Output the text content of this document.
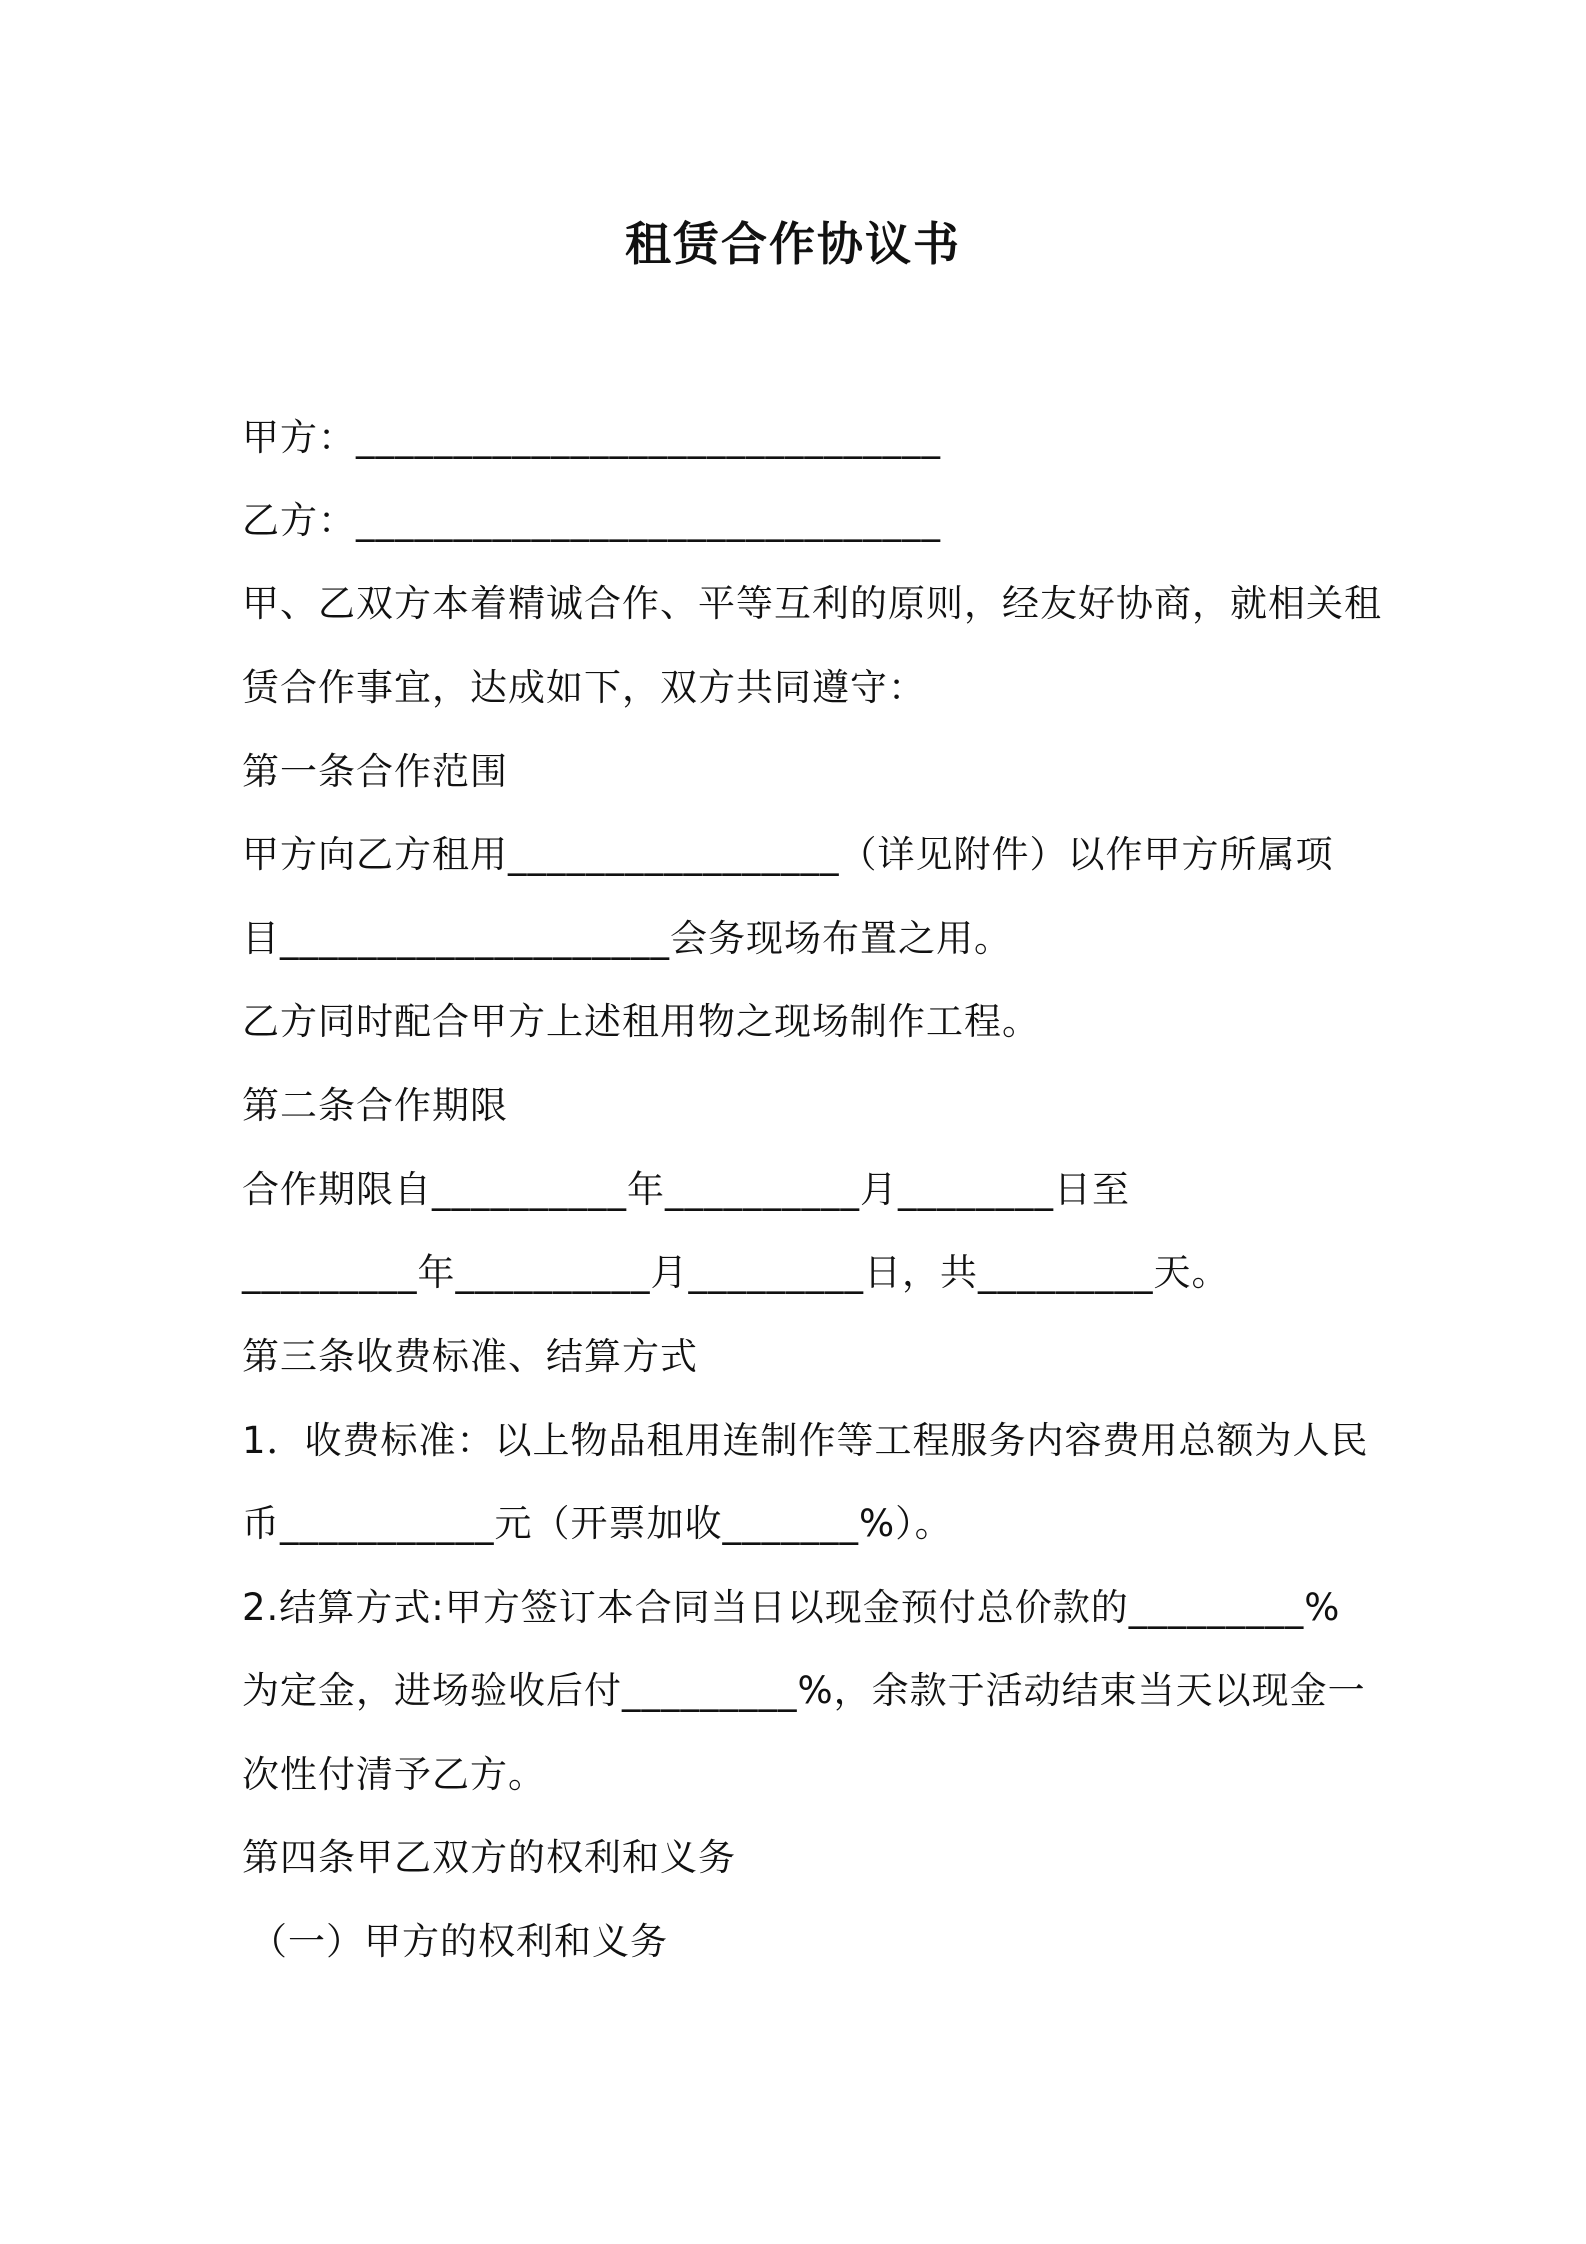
租赁合作协议书
甲方：______________________________
乙方：______________________________
甲、乙双方本着精诚合作、平等互利的原则，经友好协商，就相关租
赁合作事宜，达成如下，双方共同遵守：
第一条合作范围
甲方向乙方租用_________________（详见附件）以作甲方所属项
目____________________会务现场布置之用。
乙方同时配合甲方上述租用物之现场制作工程。
第二条合作期限
合作期限自__________年__________月________日至
_________年__________月_________日，共_________天。
第三条收费标准、结算方式
1．收费标准：以上物品租用连制作等工程服务内容费用总额为人民
币___________元（开票加收_______%）。
2.结算方式:甲方签订本合同当日以现金预付总价款的_________%
为定金，进场验收后付_________%，余款于活动结束当天以现金一
次性付清予乙方。
第四条甲乙双方的权利和义务
（一）甲方的权利和义务
